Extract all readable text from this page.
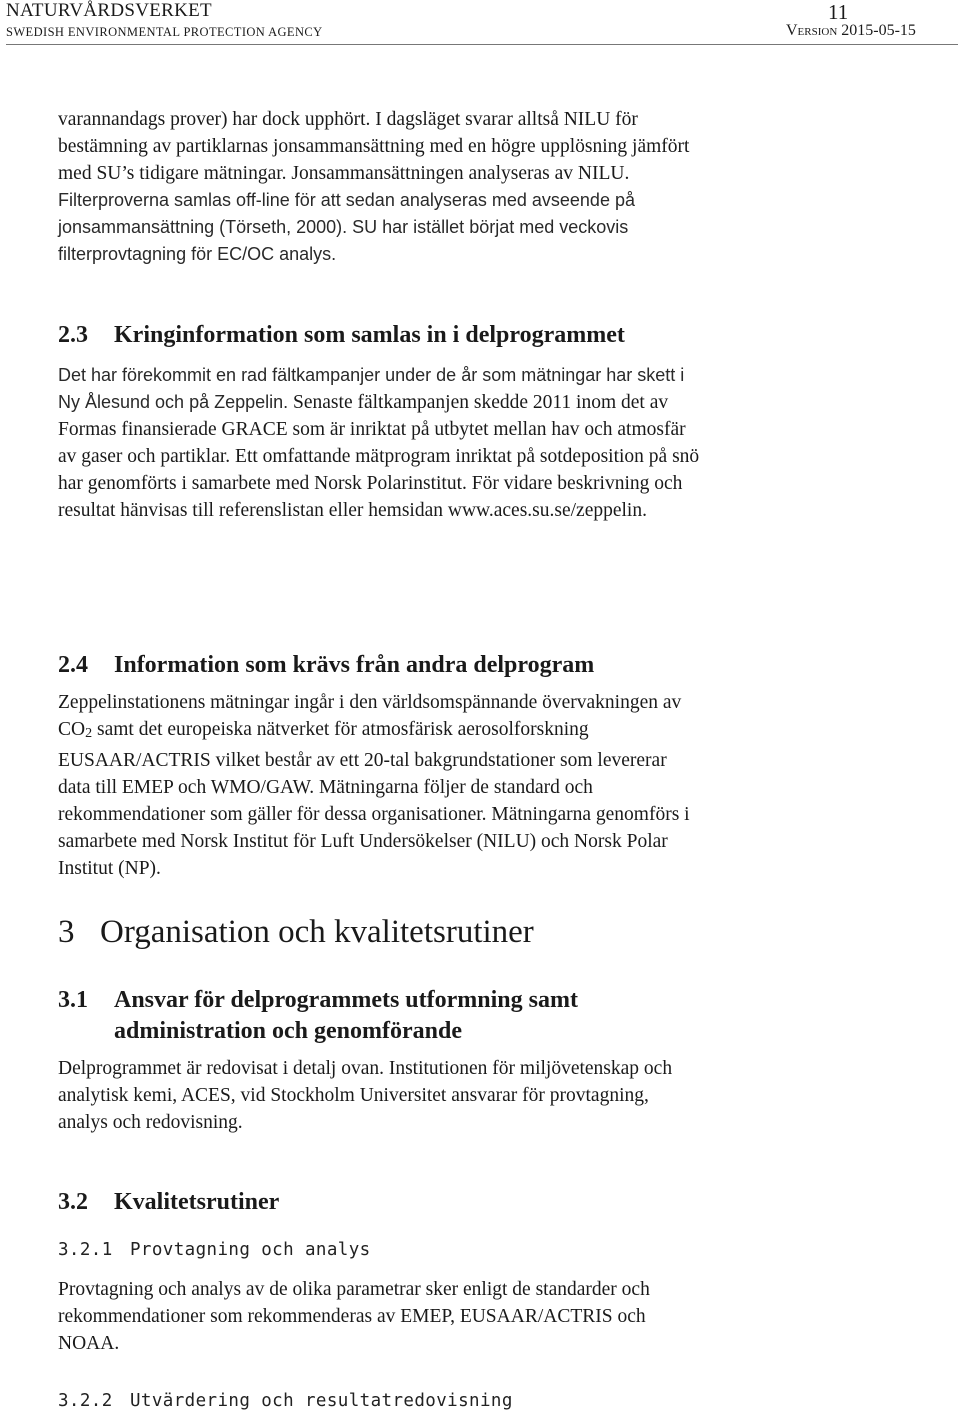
NATURVÅRDSVERKET
SWEDISH ENVIRONMENTAL PROTECTION AGENCY
11
Version 2015-05-15
varannandags prover) har dock upphört. I dagsläget svarar alltså NILU för
bestämning av partiklarnas jonsammansättning med en högre upplösning jämfört
med SU’s tidigare mätningar. Jonsammansättningen analyseras av NILU.
Filterproverna samlas off-line för att sedan analyseras med avseende på
jonsammansättning (Törseth, 2000). SU har istället börjat med veckovis
filterprovtagning för EC/OC analys.
2.3 Kringinformation som samlas in i delprogrammet
Det har förekommit en rad fältkampanjer under de år som mätningar har skett i
Ny Ålesund och på Zeppelin. Senaste fältkampanjen skedde 2011 inom det av
Formas finansierade GRACE som är inriktat på utbytet mellan hav och atmosfär
av gaser och partiklar. Ett omfattande mätprogram inriktat på sotdeposition på snö
har genomförts i samarbete med Norsk Polarinstitut. För vidare beskrivning och
resultat hänvisas till referenslistan eller hemsidan www.aces.su.se/zeppelin.
2.4 Information som krävs från andra delprogram
Zeppelinstationens mätningar ingår i den världsomspännande övervakningen av
CO2 samt det europeiska nätverket för atmosfärisk aerosolforskning
EUSAAR/ACTRIS vilket består av ett 20-tal bakgrundstationer som levererar
data till EMEP och WMO/GAW. Mätningarna följer de standard och
rekommendationer som gäller för dessa organisationer. Mätningarna genomförs i
samarbete med Norsk Institut för Luft Undersökelser (NILU) och Norsk Polar
Institut (NP).
3 Organisation och kvalitetsrutiner
3.1 Ansvar för delprogrammets utformning samt
administration och genomförande
Delprogrammet är redovisat i detalj ovan. Institutionen för miljövetenskap och
analytisk kemi, ACES, vid Stockholm Universitet ansvarar för provtagning,
analys och redovisning.
3.2 Kvalitetsrutiner
3.2.1 Provtagning och analys
Provtagning och analys av de olika parametrar sker enligt de standarder och
rekommendationer som rekommenderas av EMEP, EUSAAR/ACTRIS och
NOAA.
3.2.2 Utvärdering och resultatredovisning
